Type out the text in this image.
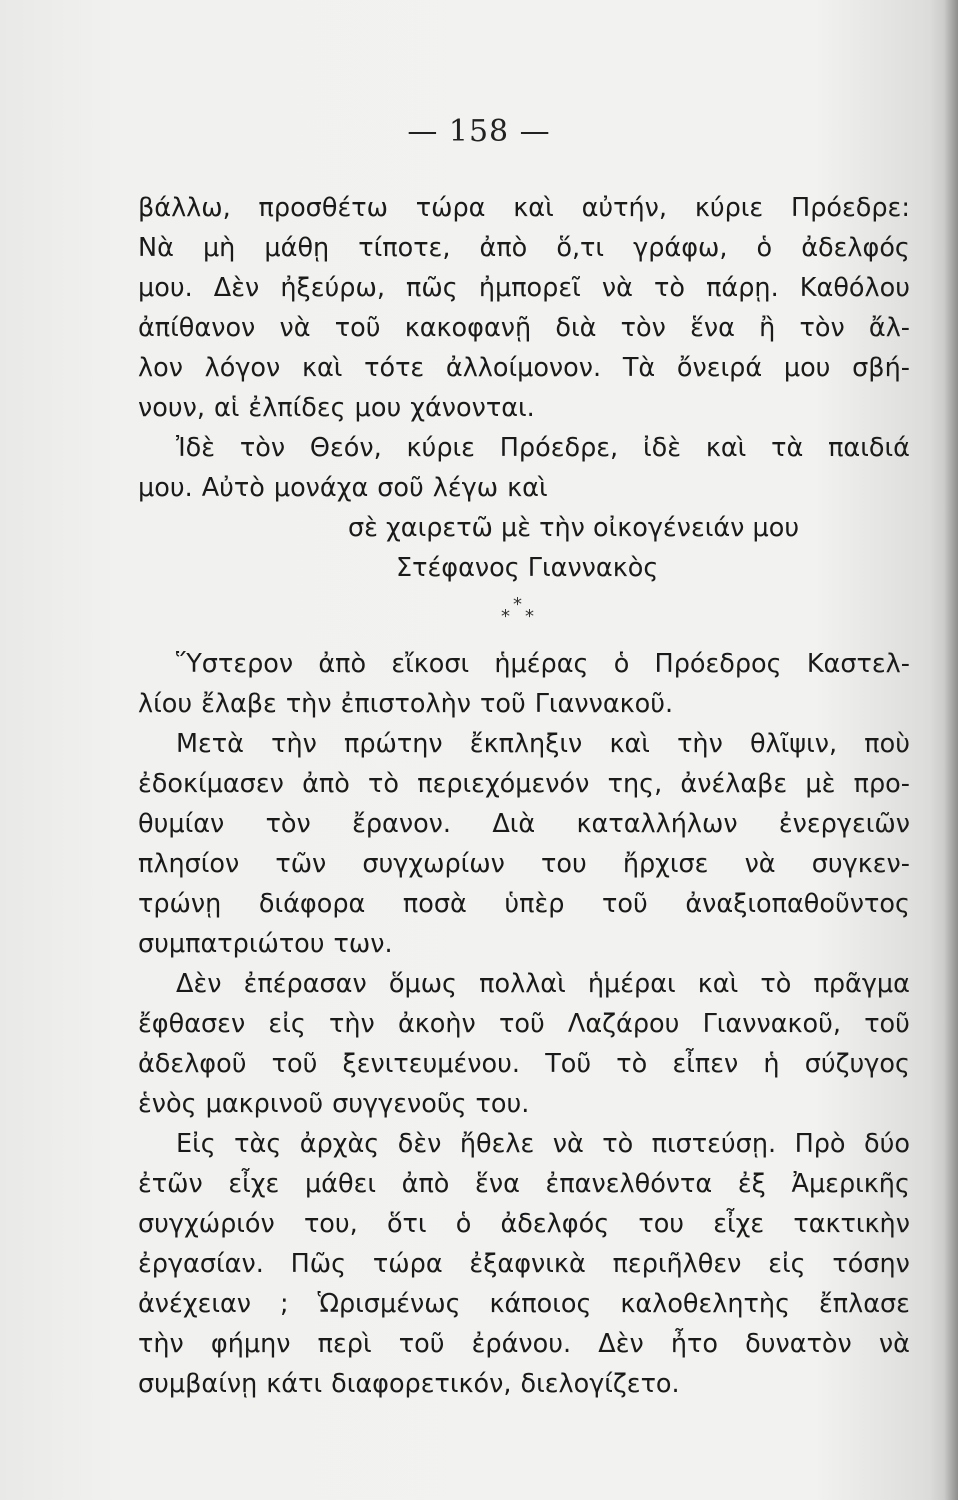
— 158 —
βάλλω, προσθέτω τώρα καὶ αὐτήν, κύριε Πρόεδρε:
Νὰ μὴ μάθῃ τίποτε, ἀπὸ ὅ,τι γράφω, ὁ ἀδελφός
μου. Δὲν ἠξεύρω, πῶς ἠμπορεῖ νὰ τὸ πάρῃ. Καθόλου
ἀπίθανον νὰ τοῦ κακοφανῇ διὰ τὸν ἕνα ἢ τὸν ἄλ-
λον λόγον καὶ τότε ἀλλοίμονον. Τὰ ὄνειρά μου σβή-
νουν, αἱ ἐλπίδες μου χάνονται.
Ἰδὲ τὸν Θεόν, κύριε Πρόεδρε, ἰδὲ καὶ τὰ παιδιά
μου. Αὐτὸ μονάχα σοῦ λέγω καὶ
σὲ χαιρετῶ μὲ τὴν οἰκογένειάν μου
Στέφανος Γιαννακὸς
*
*
*
Ὕστερον ἀπὸ εἴκοσι ἡμέρας ὁ Πρόεδρος Καστελ-
λίου ἔλαβε τὴν ἐπιστολὴν τοῦ Γιαννακοῦ.
Μετὰ τὴν πρώτην ἔκπληξιν καὶ τὴν θλῖψιν, ποὺ
ἐδοκίμασεν ἀπὸ τὸ περιεχόμενόν της, ἀνέλαβε μὲ προ-
θυμίαν τὸν ἔρανον. Διὰ καταλλήλων ἐνεργειῶν
πλησίον τῶν συγχωρίων του ἤρχισε νὰ συγκεν-
τρώνῃ διάφορα ποσὰ ὑπὲρ τοῦ ἀναξιοπαθοῦντος
συμπατριώτου των.
Δὲν ἐπέρασαν ὅμως πολλαὶ ἡμέραι καὶ τὸ πρᾶγμα
ἔφθασεν εἰς τὴν ἀκοὴν τοῦ Λαζάρου Γιαννακοῦ, τοῦ
ἀδελφοῦ τοῦ ξενιτευμένου. Τοῦ τὸ εἶπεν ἡ σύζυγος
ἑνὸς μακρινοῦ συγγενοῦς του.
Εἰς τὰς ἀρχὰς δὲν ἤθελε νὰ τὸ πιστεύσῃ. Πρὸ δύο
ἐτῶν εἶχε μάθει ἀπὸ ἕνα ἐπανελθόντα ἐξ Ἀμερικῆς
συγχώριόν του, ὅτι ὁ ἀδελφός του εἶχε τακτικὴν
ἐργασίαν. Πῶς τώρα ἐξαφνικὰ περιῆλθεν εἰς τόσην
ἀνέχειαν ; Ὡρισμένως κάποιος καλοθελητὴς ἔπλασε
τὴν φήμην περὶ τοῦ ἐράνου. Δὲν ἦτο δυνατὸν νὰ
συμβαίνῃ κάτι διαφορετικόν, διελογίζετο.
